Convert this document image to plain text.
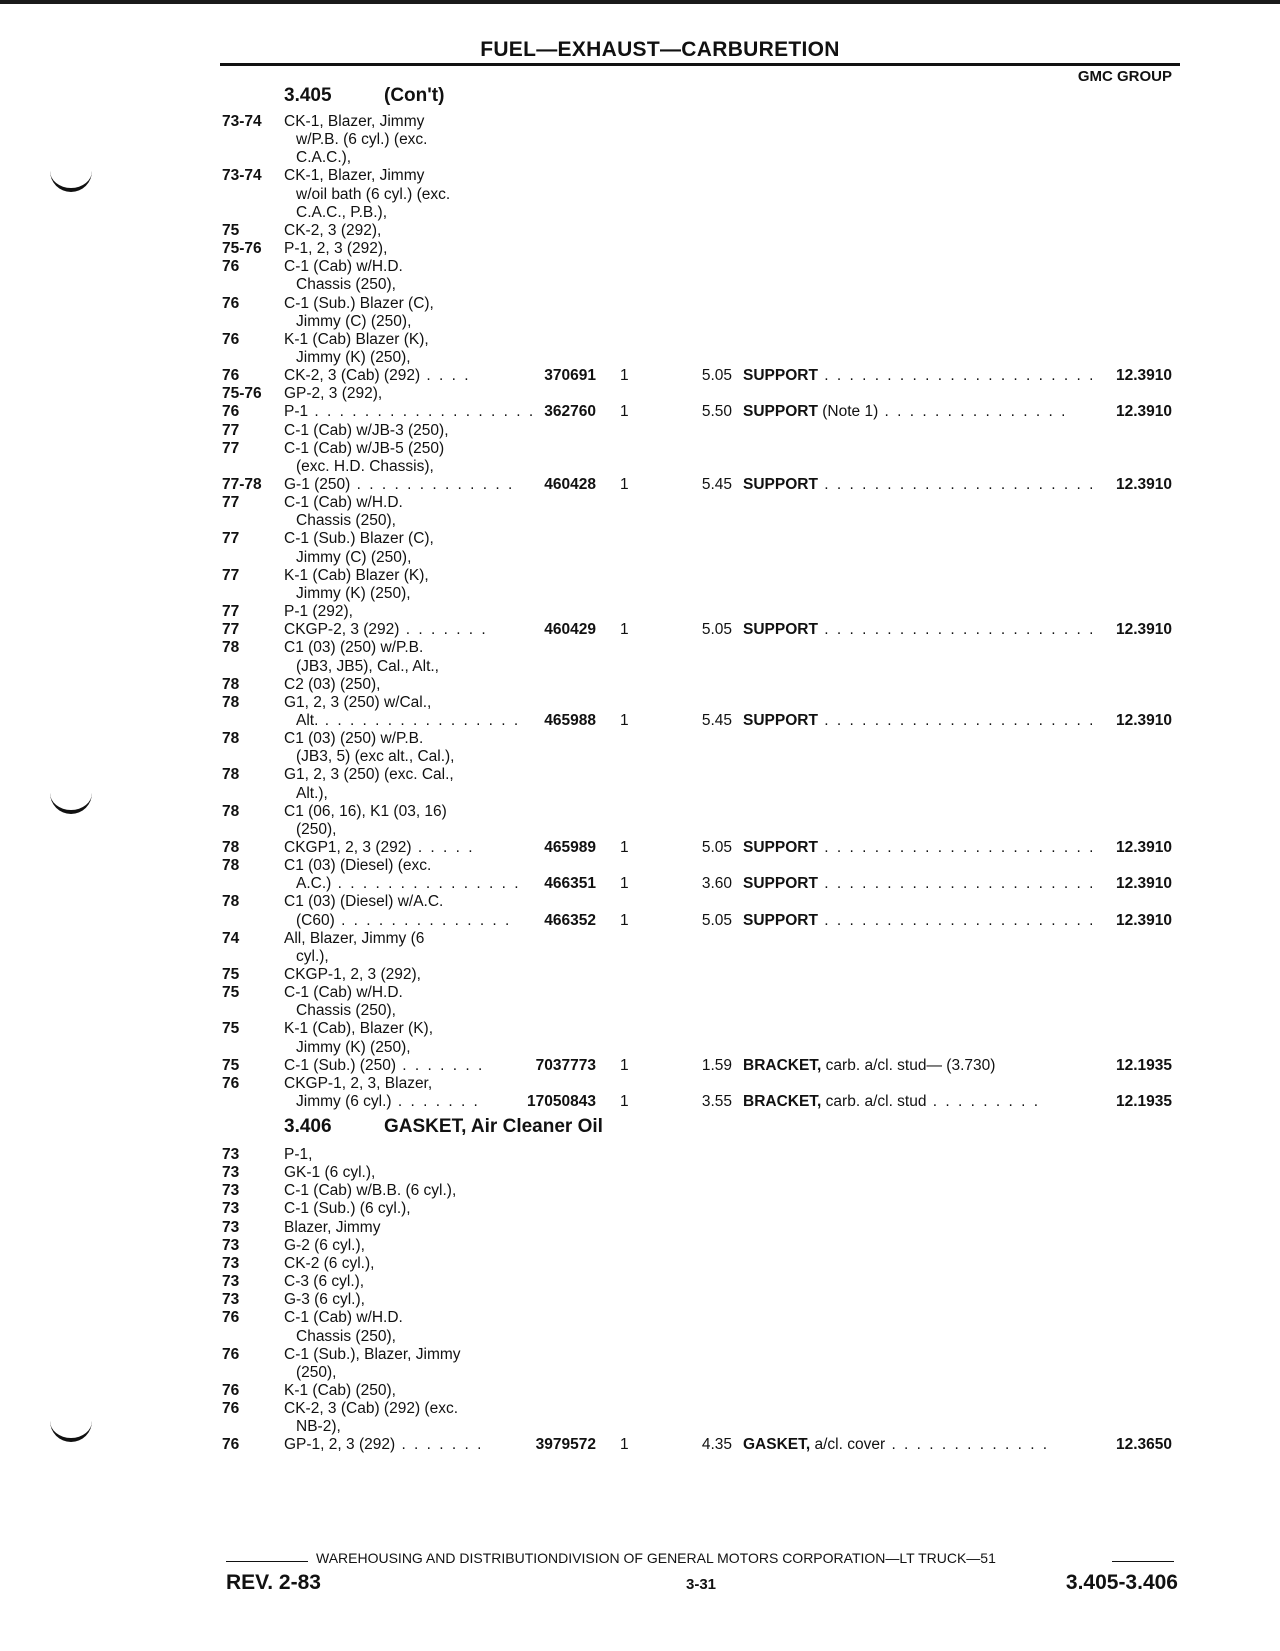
FUEL—EXHAUST—CARBURETION
GMC GROUP
3.405	(Con't)
73-74 CK-1, Blazer, Jimmy
w/P.B. (6 cyl.) (exc.
C.A.C.),
73-74 CK-1, Blazer, Jimmy
w/oil bath (6 cyl.) (exc.
C.A.C., P.B.),
75	CK-2, 3 (292),
75-76 P-1, 2, 3 (292),
76	C-1 (Cab) w/H.D.
Chassis (250),
76	C-1 (Sub.) Blazer (C),
Jimmy (C) (250),
76	K-1 (Cab) Blazer (K),
Jimmy (K) (250),
76	CK-2, 3 (Cab) (292) . . . .	370691 1	5.05 SUPPORT . . . . . . . . . . . . . . . . . . . . . . 12.3910
75-76 GP-2, 3 (292),
76	P-1 . . . . . . . . . . . . . . . . . . 362760 1	5.50 SUPPORT (Note 1) . . . . . . . . . . . . . . .	12.3910
77	C-1 (Cab) w/JB-3 (250),
77	C-1 (Cab) w/JB-5 (250)
(exc. H.D. Chassis),
77-78 G-1 (250) . . . . . . . . . . . . . 460428 1	5.45 SUPPORT . . . . . . . . . . . . . . . . . . . . . . 12.3910
77	C-1 (Cab) w/H.D.
Chassis (250),
77	C-1 (Sub.) Blazer (C),
Jimmy (C) (250),
77	K-1 (Cab) Blazer (K),
Jimmy (K) (250),
77	P-1 (292),
77	CKGP-2, 3 (292) . . . . . . .	460429 1	5.05 SUPPORT . . . . . . . . . . . . . . . . . . . . . . 12.3910
78	C1 (03) (250) w/P.B.
(JB3, JB5), Cal., Alt.,
78	C2 (03) (250),
78	G1, 2, 3 (250) w/Cal.,
Alt. . . . . . . . . . . . . . . . . 465988 1	5.45 SUPPORT . . . . . . . . . . . . . . . . . . . . . . 12.3910
78	C1 (03) (250) w/P.B.
(JB3, 5) (exc alt., Cal.),
78	G1, 2, 3 (250) (exc. Cal.,
Alt.),
78	C1 (06, 16), K1 (03, 16)
(250),
78	CKGP1, 2, 3 (292) . . . . .	465989 1	5.05 SUPPORT . . . . . . . . . . . . . . . . . . . . . . 12.3910
78	C1 (03) (Diesel) (exc.
A.C.) . . . . . . . . . . . . . . . 466351 1	3.60 SUPPORT . . . . . . . . . . . . . . . . . . . . . . 12.3910
78	C1 (03) (Diesel) w/A.C.
(C60) . . . . . . . . . . . . . . 466352 1	5.05 SUPPORT . . . . . . . . . . . . . . . . . . . . . . 12.3910
74	All, Blazer, Jimmy (6
cyl.),
75	CKGP-1, 2, 3 (292),
75	C-1 (Cab) w/H.D.
Chassis (250),
75	K-1 (Cab), Blazer (K),
Jimmy (K) (250),
75	C-1 (Sub.) (250) . . . . . . .	7037773 1	1.59 BRACKET, carb. a/cl. stud— (3.730)	12.1935
76	CKGP-1, 2, 3, Blazer,
Jimmy (6 cyl.) . . . . . . .	17050843 1	3.55 BRACKET, carb. a/cl. stud . . . . . . . . .	12.1935
3.406	GASKET, Air Cleaner Oil
73	P-1,
73	GK-1 (6 cyl.),
73	C-1 (Cab) w/B.B. (6 cyl.),
73	C-1 (Sub.) (6 cyl.),
73	Blazer, Jimmy
73	G-2 (6 cyl.),
73	CK-2 (6 cyl.),
73	C-3 (6 cyl.),
73	G-3 (6 cyl.),
76	C-1 (Cab) w/H.D.
Chassis (250),
76	C-1 (Sub.), Blazer, Jimmy
(250),
76	K-1 (Cab) (250),
76	CK-2, 3 (Cab) (292) (exc.
NB-2),
76	GP-1, 2, 3 (292) . . . . . . .	3979572 1	4.35 GASKET, a/cl. cover . . . . . . . . . . . . .	12.3650
WAREHOUSING AND DISTRIBUTIONDIVISION OF GENERAL MOTORS CORPORATION—LT TRUCK—51
REV. 2-83	3-31	3.405-3.406
